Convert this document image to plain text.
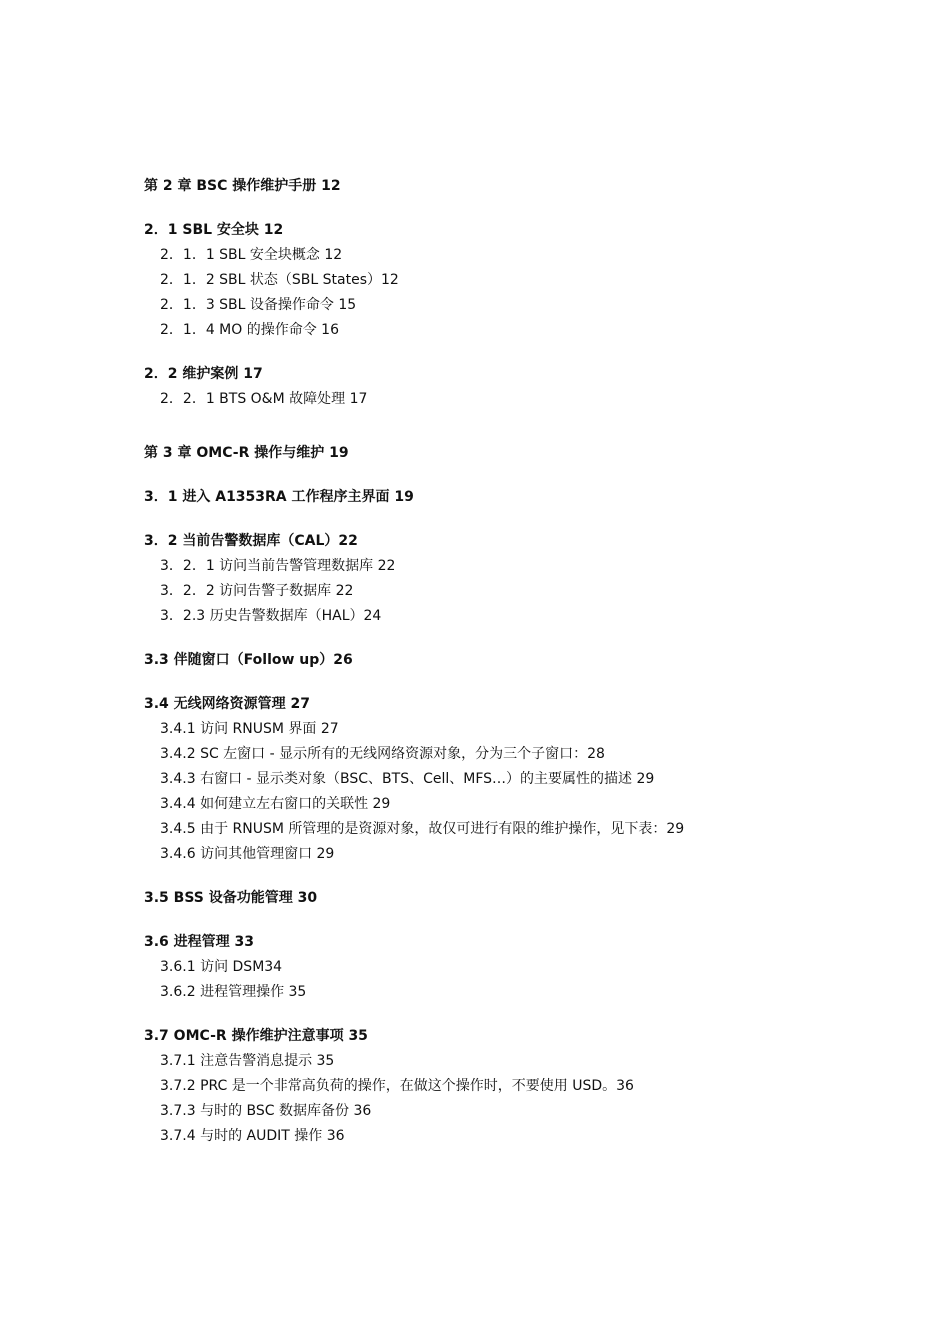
第 2 章 BSC 操作维护手册 12
2．1 SBL 安全块 12
2．1．1 SBL 安全块概念 12
2．1．2 SBL 状态（SBL States）12
2．1．3 SBL 设备操作命令 15
2．1．4 MO 的操作命令 16
2．2 维护案例 17
2．2．1 BTS O&M 故障处理 17
第 3 章 OMC-R 操作与维护 19
3．1 进入 A1353RA 工作程序主界面 19
3．2 当前告警数据库（CAL）22
3．2．1 访问当前告警管理数据库 22
3．2．2 访问告警子数据库 22
3．2.3 历史告警数据库（HAL）24
3.3 伴随窗口（Follow up）26
3.4 无线网络资源管理 27
3.4.1 访问 RNUSM 界面 27
3.4.2 SC 左窗口 - 显示所有的无线网络资源对象，分为三个子窗口：28
3.4.3 右窗口 - 显示类对象（BSC、BTS、Cell、MFS…）的主要属性的描述 29
3.4.4 如何建立左右窗口的关联性 29
3.4.5 由于 RNUSM 所管理的是资源对象，故仅可进行有限的维护操作，见下表：29
3.4.6 访问其他管理窗口 29
3.5 BSS 设备功能管理 30
3.6 进程管理 33
3.6.1 访问 DSM34
3.6.2 进程管理操作 35
3.7 OMC-R 操作维护注意事项 35
3.7.1 注意告警消息提示 35
3.7.2 PRC 是一个非常高负荷的操作，在做这个操作时，不要使用 USD。36
3.7.3 与时的 BSC 数据库备份 36
3.7.4 与时的 AUDIT 操作 36
